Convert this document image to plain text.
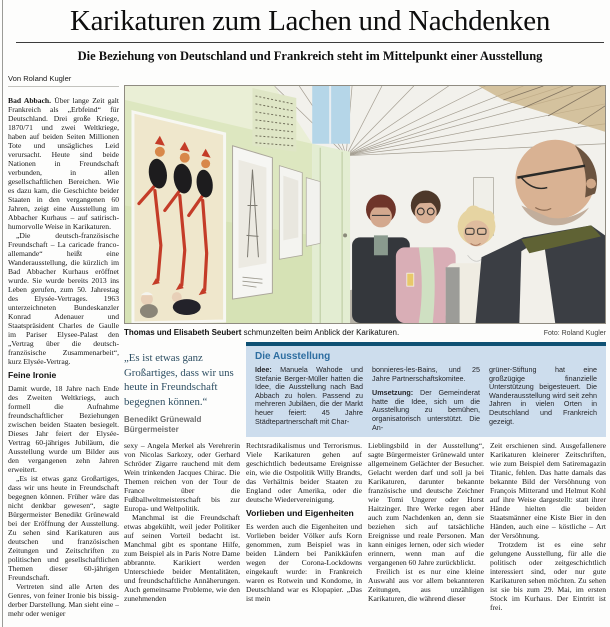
Karikaturen zum Lachen und Nachdenken
Die Beziehung von Deutschland und Frankreich steht im Mittelpunkt einer Ausstellung
Von Roland Kugler

Bad Abbach. Über lange Zeit galt Frankreich als „Erbfeind“ für Deutschland. Drei große Kriege, 1870/71 und zwei Weltkriege, haben auf beiden Seiten Millionen Tote und unsägliches Leid verursacht. Heute sind beide Nationen in Freundschaft verbunden, in allen gesellschaftlichen Bereichen. Wie es dazu kam, die Geschichte beider Staaten in den vergangenen 60 Jahren, zeigt eine Ausstellung im Abbacher Kurhaus – auf satirisch-humorvolle Weise in Karikaturen.

„Die deutsch-französische Freundschaft – La caricade franco-allemande“ heißt eine Wanderausstellung, die kürzlich im Bad Abbacher Kurhaus eröffnet wurde. Sie wurde bereits 2013 ins Leben gerufen, zum 50. Jahrestag des Elysée-Vertrages. 1963 unterzeichneten Bundeskanzler Konrad Adenauer und Staatspräsident Charles de Gaulle im Pariser Elysee-Palast den „Vertrag über die deutsch-französische Zusammenarbeit“, kurz Elysée-Vertrag.

Feine Ironie

Damit wurde, 18 Jahre nach Ende des Zweiten Weltkriegs, auch formell die Aufnahme freundschaftlicher Beziehungen zwischen beiden Staaten besiegelt. Dieses Jahr feiert der Elysée-Vertrag 60-jähriges Jubiläum, die Ausstellung wurde um Bilder aus den vergangenen zehn Jahren erweitert.

„Es ist etwas ganz Großartiges, dass wir uns heute in Freundschaft begegnen können. Früher wäre das nicht denkbar gewesen“, sagte Bürgermeister Benedikt Grünewald bei der Eröffnung der Ausstellung. Zu sehen sind Karikaturen aus deutschen und französischen Zeitungen und Zeitschriften zu politischen und gesellschaftlichen Themen dieser 60-jährigen Freundschaft.

Vertreten sind alle Arten des Genres, von feiner Ironie bis bissig-derber Darstellung. Man sieht eine – mehr oder weniger

Thomas und Elisabeth Seubert schmunzelten beim Anblick der Karikaturen.	Foto: Roland Kugler
„Es ist etwas ganz Großartiges, dass wir uns heute in Freundschaft begegnen können.“
Benedikt Grünewald
Bürgermeister
Die Ausstellung

Idee: Manuela Wahode und Stefanie Berger-Müller hatten die Idee, die Ausstellung nach Bad Abbach zu holen. Passend zu mehreren Jubiläen, die der Markt heuer feiert: 45 Jahre Städtepartnerschaft mit Char-

bonnieres-les-Bains, und 25 Jahre Partnerschaftskomitee.

Umsetzung: Der Gemeinderat hatte die Idee, sich um die Ausstellung zu bemühen, organisatorisch unterstützt. Die An-

grüner-Stiftung hat eine großzügige finanzielle Unterstützung beigesteuert. Die Wanderausstellung wird seit zehn Jahren in vielen Orten in Deutschland und Frankreich gezeigt.

sexy – Angela Merkel als Verehrerin von Nicolas Sarkozy, oder Gerhard Schröder Zigarre rauchend mit dem Wein trinkenden Jacques Chirac. Die Themen reichen von der Tour de France über die Fußballweltmeisterschaft bis zur Europa- und Weltpolitik.

Manchmal ist die Freundschaft etwas abgekühlt, weil jeder Politiker auf seinen Vorteil bedacht ist. Manchmal gibt es spontane Hilfe, zum Beispiel als in Paris Notre Dame abbrannte. Karikiert werden Unterschiede beider Mentalitäten, und freundschaftliche Annäherungen. Auch gemeinsame Probleme, wie den zunehmenden

Rechtsradikalismus und Terrorismus. Viele Karikaturen gehen auf geschichtlich bedeutsame Ereignisse ein, wie die Ostpolitik Willy Brandts, das Verhältnis beider Staaten zu England oder Amerika, oder die deutsche Wiedervereinigung.

Vorlieben und Eigenheiten

Es werden auch die Eigenheiten und Vorlieben beider Völker aufs Korn genommen, zum Beispiel was in beiden Ländern bei Panikkäufen wegen der Corona-Lockdowns eingekauft wurde: in Frankreich waren es Rotwein und Kondome, in Deutschland war es Klopapier. „Das ist mein

Lieblingsbild in der Ausstellung“, sagte Bürgermeister Grünewald unter allgemeinem Gelächter der Besucher. Gelacht werden darf und soll ja bei Karikaturen, darunter bekannte französische und deutsche Zeichner wie Tomi Ungerer oder Horst Haitzinger. Ihre Werke regen aber auch zum Nachdenken an, denn sie beziehen sich auf tatsächliche Ereignisse und reale Personen. Man kann einiges lernen, oder sich wieder erinnern, wenn man auf die vergangenen 60 Jahre zurückblickt.

Freilich ist es nur eine kleine Auswahl aus vor allem bekannteren Zeitungen, aus unzähligen Karikaturen, die während dieser

Zeit erschienen sind. Ausgefallenere Karikaturen kleinerer Zeitschriften, wie zum Beispiel dem Satiremagazin Titanic, fehlen. Das hatte damals das bekannte Bild der Versöhnung von François Mitterand und Helmut Kohl auf ihre Weise dargestellt: statt ihrer Hände hielten die beiden Staatsmänner eine Kiste Bier in den Händen, auch eine – köstliche – Art der Versöhnung.

Trotzdem ist es eine sehr gelungene Ausstellung, für alle die politisch oder zeitgeschichtlich interessiert sind, oder nur gute Karikaturen sehen möchten. Zu sehen ist sie bis zum 29. Mai, im ersten Stock im Kurhaus. Der Eintritt ist frei.
